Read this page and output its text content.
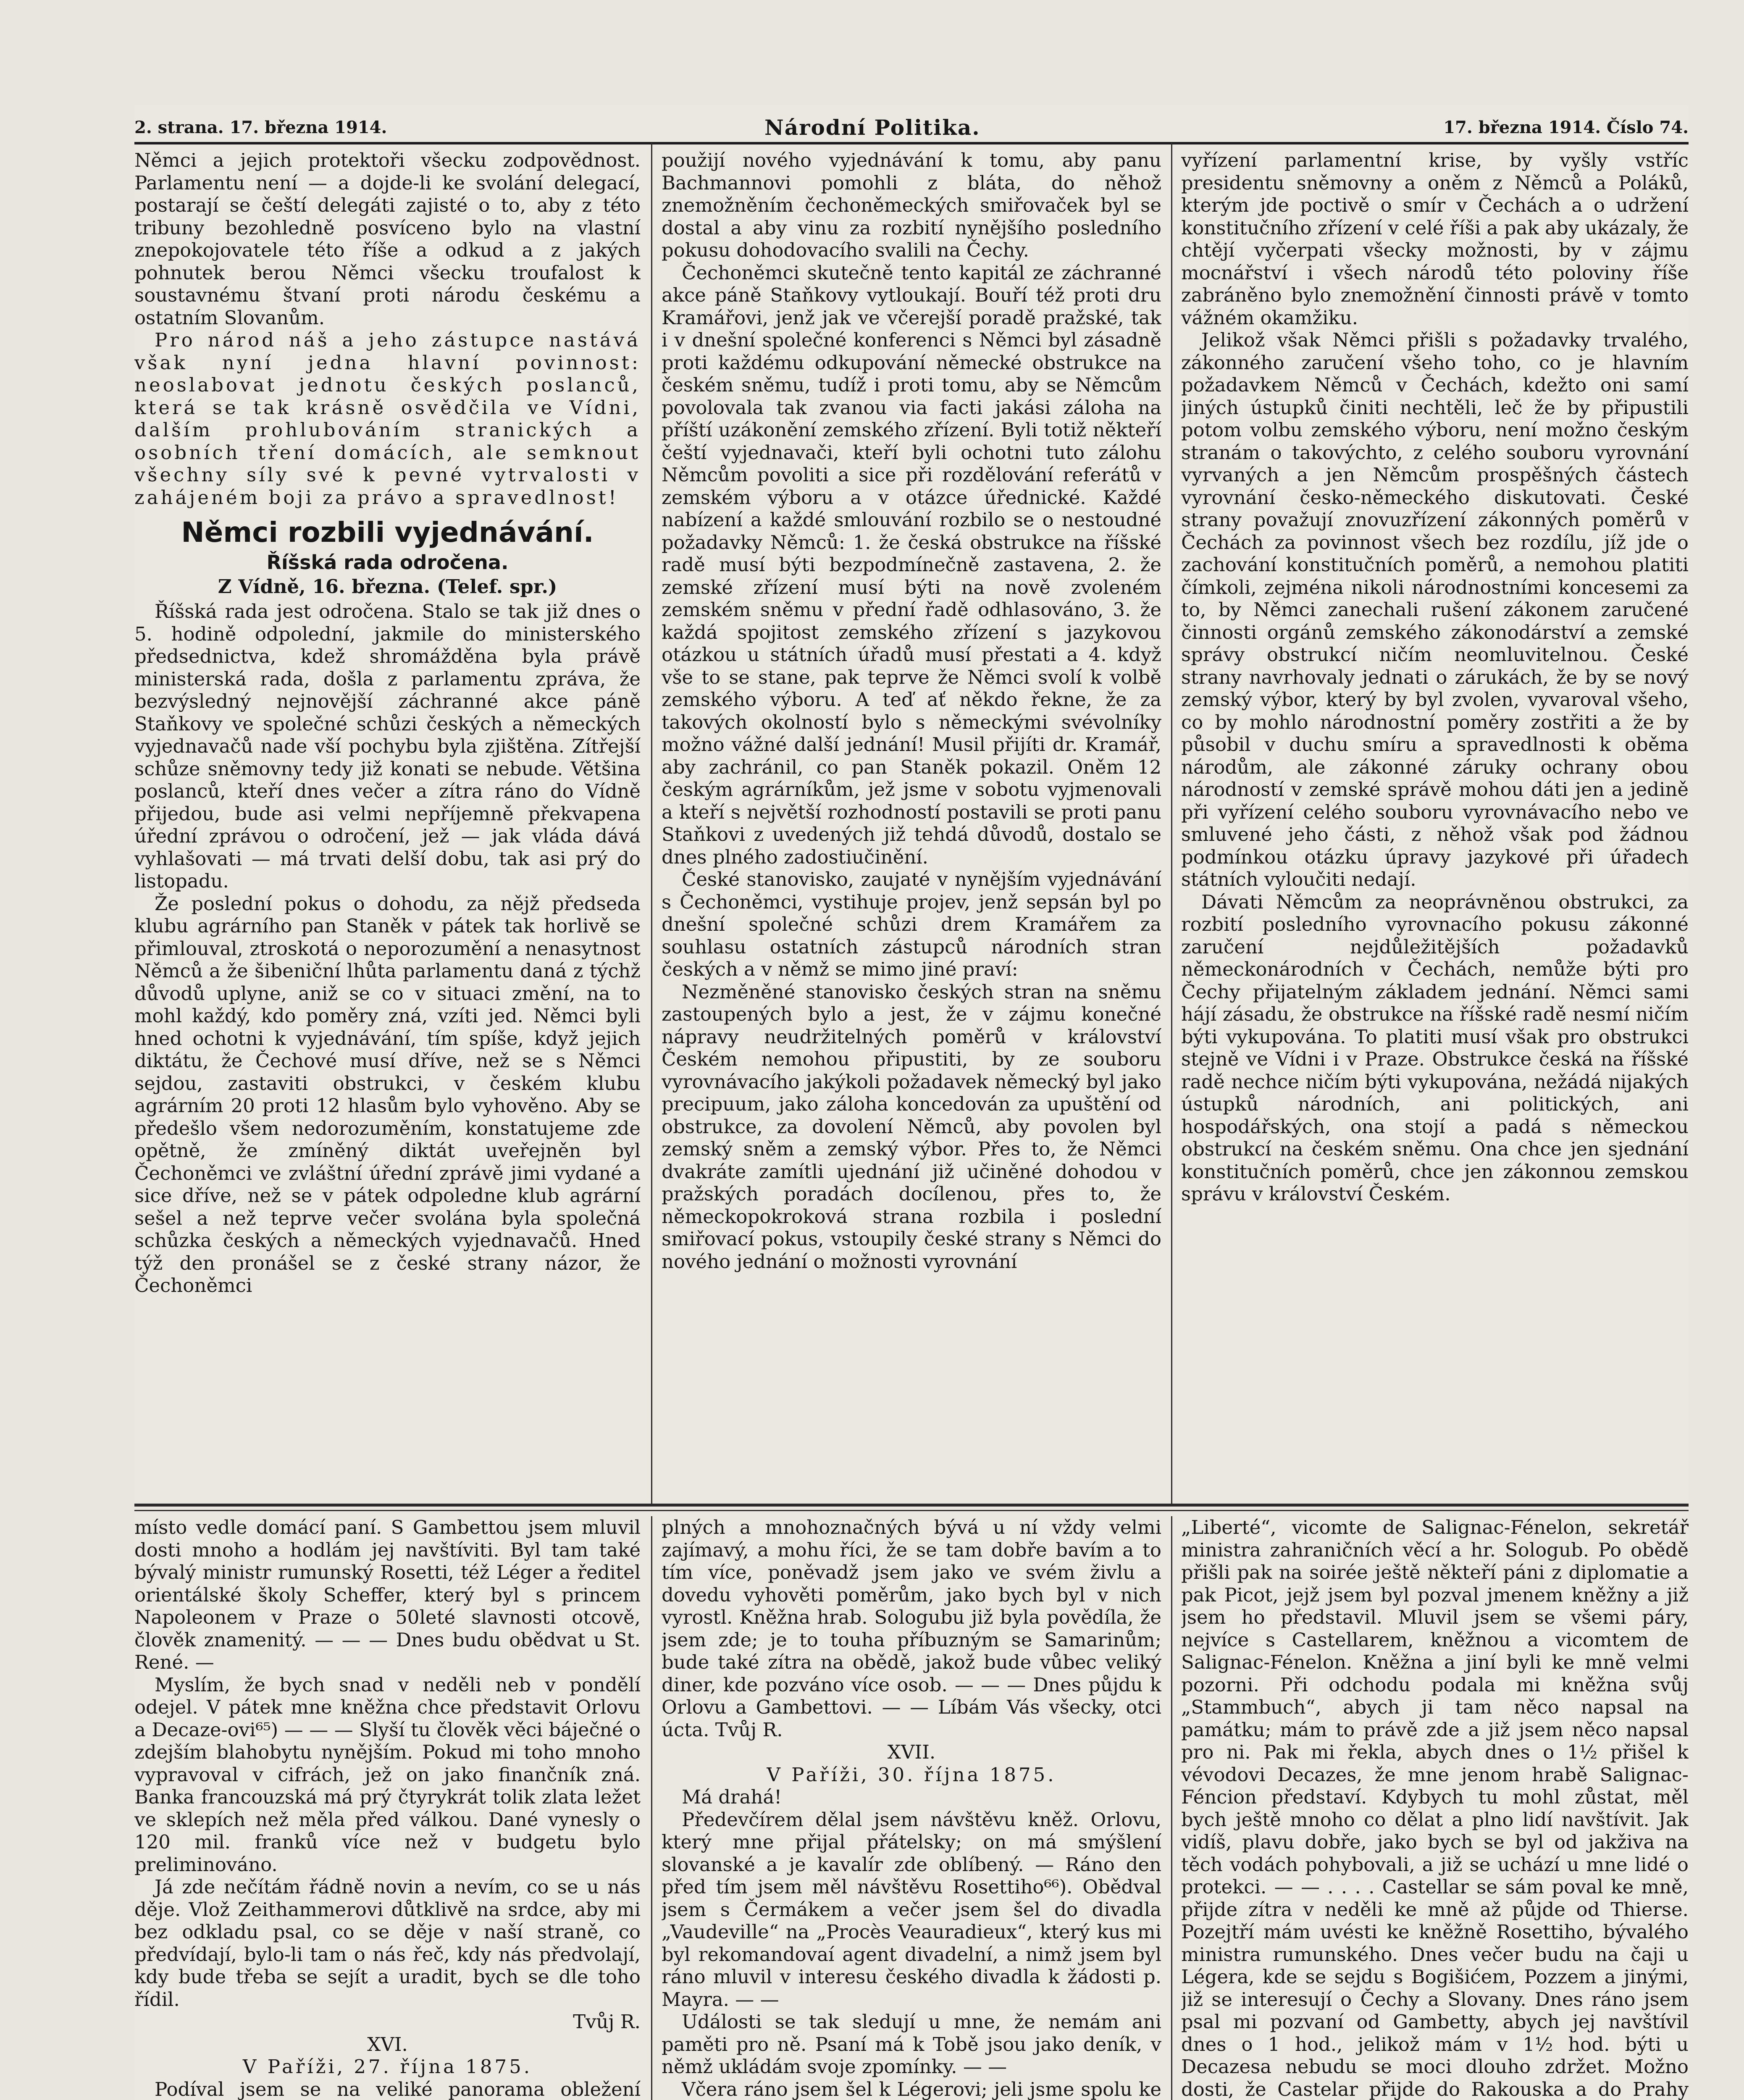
2. strana. 17. března 1914.	Národní Politika.	17. března 1914. Číslo 74.

Němci a jejich protektoři všecku zodpovědnost. Parlamentu není — a dojde-li ke svolání delegací, postarají se čeští delegáti zajisté o to, aby z této tribuny bezohledně posvíceno bylo na vlastní znepokojovatele této říše a odkud a z jakých pohnutek berou Němci všecku troufalost k soustavnému štvaní proti národu českému a ostatním Slovanům.

Pro národ náš a jeho zástupce nastává však nyní jedna hlavní povinnost: neoslabovat jednotu českých poslanců, která se tak krásně osvědčila ve Vídni, dalším prohlubováním stranických a osobních tření domácích, ale semknout všechny síly své k pevné vytrvalosti v zahájeném boji za právo a spravedlnost!

Němci rozbili vyjednávání.
Říšská rada odročena.
Z Vídně, 16. března. (Telef. spr.)

Říšská rada jest odročena. Stalo se tak již dnes o 5. hodině odpolední, jakmile do ministerského předsednictva, kdež shromážděna byla právě ministerská rada, došla z parlamentu zpráva, že bezvýsledný nejnovější záchranné akce páně Staňkovy ve společné schůzi českých a německých vyjednavačů nade vší pochybu byla zjištěna. Zítřejší schůze sněmovny tedy již konati se nebude. Většina poslanců, kteří dnes večer a zítra ráno do Vídně přijedou, bude asi velmi nepříjemně překvapena úřední zprávou o odročení, jež — jak vláda dává vyhlašovati — má trvati delší dobu, tak asi prý do listopadu.

Že poslední pokus o dohodu, za nějž předseda klubu agrárního pan Staněk v pátek tak horlivě se přimlouval, ztroskotá o neporozumění a nenasytnost Němců a že šibeniční lhůta parlamentu daná z týchž důvodů uplyne, aniž se co v situaci změní, na to mohl každý, kdo poměry zná, vzíti jed. Němci byli hned ochotni k vyjednávání, tím spíše, když jejich diktátu, že Čechové musí dříve, než se s Němci sejdou, zastaviti obstrukci, v českém klubu agrárním 20 proti 12 hlasům bylo vyhověno. Aby se předešlo všem nedorozuměním, konstatujeme zde opětně, že zmíněný diktát uveřejněn byl Čechoněmci ve zvláštní úřední zprávě jimi vydané a sice dříve, než se v pátek odpoledne klub agrární sešel a než teprve večer svolána byla společná schůzka českých a německých vyjednavačů. Hned týž den pronášel se z české strany názor, že Čechoněmci

použijí nového vyjednávání k tomu, aby panu Bachmannovi pomohli z bláta, do něhož znemožněním čechoněmeckých smiřovaček byl se dostal a aby vinu za rozbití nynějšího posledního pokusu dohodovacího svalili na Čechy.

Čechoněmci skutečně tento kapitál ze záchranné akce páně Staňkovy vytloukají. Bouří též proti dru Kramářovi, jenž jak ve včerejší poradě pražské, tak i v dnešní společné konferenci s Němci byl zásadně proti každému odkupování německé obstrukce na českém sněmu, tudíž i proti tomu, aby se Němcům povolovala tak zvanou via facti jakási záloha na příští uzákonění zemského zřízení. Byli totiž někteří čeští vyjednavači, kteří byli ochotni tuto zálohu Němcům povoliti a sice při rozdělování referátů v zemském výboru a v otázce úřednické. Každé nabízení a každé smlouvání rozbilo se o nestoudné požadavky Němců: 1. že česká obstrukce na říšské radě musí býti bezpodmínečně zastavena, 2. že zemské zřízení musí býti na nově zvoleném zemském sněmu v přední řadě odhlasováno, 3. že každá spojitost zemského zřízení s jazykovou otázkou u státních úřadů musí přestati a 4. když vše to se stane, pak teprve že Němci svolí k volbě zemského výboru. A teď ať někdo řekne, že za takových okolností bylo s německými svévolníky možno vážné další jednání! Musil přijíti dr. Kramář, aby zachránil, co pan Staněk pokazil. Oněm 12 českým agrárníkům, jež jsme v sobotu vyjmenovali a kteří s největší rozhodností postavili se proti panu Staňkovi z uvedených již tehdá důvodů, dostalo se dnes plného zadostiučinění.

České stanovisko, zaujaté v nynějším vyjednávání s Čechoněmci, vystihuje projev, jenž sepsán byl po dnešní společné schůzi drem Kramářem za souhlasu ostatních zástupců národních stran českých a v němž se mimo jiné praví:

Nezměněné stanovisko českých stran na sněmu zastoupených bylo a jest, že v zájmu konečné nápravy neudržitelných poměrů v království Českém nemohou připustiti, by ze souboru vyrovnávacího jakýkoli požadavek německý byl jako precipuum, jako záloha koncedován za upuštění od obstrukce, za dovolení Němců, aby povolen byl zemský sněm a zemský výbor. Přes to, že Němci dvakráte zamítli ujednání již učiněné dohodou v pražských poradách docílenou, přes to, že německopokroková strana rozbila i poslední smiřovací pokus, vstoupily české strany s Němci do nového jednání o možnosti vyrovnání

vyřízení parlamentní krise, by vyšly vstříc presidentu sněmovny a oněm z Němců a Poláků, kterým jde poctivě o smír v Čechách a o udržení konstitučního zřízení v celé říši a pak aby ukázaly, že chtějí vyčerpati všecky možnosti, by v zájmu mocnářství i všech národů této poloviny říše zabráněno bylo znemožnění činnosti právě v tomto vážném okamžiku.

Jelikož však Němci přišli s požadavky trvalého, zákonného zaručení všeho toho, co je hlavním požadavkem Němců v Čechách, kdežto oni samí jiných ústupků činiti nechtěli, leč že by připustili potom volbu zemského výboru, není možno českým stranám o takovýchto, z celého souboru vyrovnání vyrvaných a jen Němcům prospěšných částech vyrovnání česko-německého diskutovati. České strany považují znovuzřízení zákonných poměrů v Čechách za povinnost všech bez rozdílu, jíž jde o zachování konstitučních poměrů, a nemohou platiti čímkoli, zejména nikoli národnostními koncesemi za to, by Němci zanechali rušení zákonem zaručené činnosti orgánů zemského zákonodárství a zemské správy obstrukcí ničím neomluvitelnou. České strany navrhovaly jednati o zárukách, že by se nový zemský výbor, který by byl zvolen, vyvaroval všeho, co by mohlo národnostní poměry zostřiti a že by působil v duchu smíru a spravedlnosti k oběma národům, ale zákonné záruky ochrany obou národností v zemské správě mohou dáti jen a jedině při vyřízení celého souboru vyrovnávacího nebo ve smluvené jeho části, z něhož však pod žádnou podmínkou otázku úpravy jazykové při úřadech státních vyloučiti nedají.

Dávati Němcům za neoprávněnou obstrukci, za rozbití posledního vyrovnacího pokusu zákonné zaručení nejdůležitějších požadavků německonárodních v Čechách, nemůže býti pro Čechy přijatelným základem jednání. Němci sami hájí zásadu, že obstrukce na říšské radě nesmí ničím býti vykupována. To platiti musí však pro obstrukci stejně ve Vídni i v Praze. Obstrukce česká na říšské radě nechce ničím býti vykupována, nežádá nijakých ústupků národních, ani politických, ani hospodářských, ona stojí a padá s německou obstrukcí na českém sněmu. Ona chce jen sjednání konstitučních poměrů, chce jen zákonnou zemskou správu v království Českém.

místo vedle domácí paní. S Gambettou jsem mluvil dosti mnoho a hodlám jej navštíviti. Byl tam také bývalý ministr rumunský Rosetti, též Léger a ředitel orientálské školy Scheffer, který byl s princem Napoleonem v Praze o 50leté slavnosti otcově, člověk znamenitý. — — — Dnes budu obědvat u St. René. —

Myslím, že bych snad v neděli neb v pondělí odejel. V pátek mne kněžna chce představit Orlovu a Decaze-ovi⁶⁵) — — — Slyší tu člověk věci báječné o zdejším blahobytu nynějším. Pokud mi toho mnoho vypravoval v cifrách, jež on jako finančník zná. Banka francouzská má prý čtyrykrát tolik zlata ležet ve sklepích než měla před válkou. Dané vynesly o 120 mil. franků více než v budgetu bylo preliminováno.

Já zde nečítám řádně novin a nevím, co se u nás děje. Vlož Zeithammerovi důtklivě na srdce, aby mi bez odkladu psal, co se děje v naší straně, co předvídají, bylo-li tam o nás řeč, kdy nás předvolají, kdy bude třeba se sejít a uradit, bych se dle toho řídil.

Tvůj R.

XVI.

V Paříži, 27. října 1875.

Podíval jsem se na veliké panorama obležení

plných a mnohoznačných bývá u ní vždy velmi zajímavý, a mohu říci, že se tam dobře bavím a to tím více, poněvadž jsem jako ve svém živlu a dovedu vyhověti poměrům, jako bych byl v nich vyrostl. Kněžna hrab. Sologubu již byla povědíla, že jsem zde; je to touha příbuzným se Samarinům; bude také zítra na obědě, jakož bude vůbec veliký diner, kde pozváno více osob. — — — Dnes půjdu k Orlovu a Gambettovi. — — Líbám Vás všecky, otci úcta. Tvůj R.

XVII.

V Paříži, 30. října 1875.

Má drahá!

Předevčírem dělal jsem návštěvu kněž. Orlovu, který mne přijal přátelsky; on má smýšlení slovanské a je kavalír zde oblíbený. — Ráno den před tím jsem měl návštěvu Rosettiho⁶⁶). Obědval jsem s Čermákem a večer jsem šel do divadla „Vaudeville“ na „Procès Veauradieux“, který kus mi byl rekomandovaí agent divadelní, a nimž jsem byl ráno mluvil v interesu českého divadla k žádosti p. Mayra. — —

Události se tak sledují u mne, že nemám ani paměti pro ně. Psaní má k Tobě jsou jako deník, v němž ukládám svoje zpomínky. — —

Včera ráno jsem šel k Légerovi; jeli jsme spolu ke

„Liberté“, vicomte de Salignac-Fénelon, sekretář ministra zahraničních věcí a hr. Sologub. Po obědě přišli pak na soirée ještě někteří páni z diplomatie a pak Picot, jejž jsem byl pozval jmenem kněžny a již jsem ho představil. Mluvil jsem se všemi páry, nejvíce s Castellarem, kněžnou a vicomtem de Salignac-Fénelon. Kněžna a jiní byli ke mně velmi pozorni. Při odchodu podala mi kněžna svůj „Stammbuch“, abych ji tam něco napsal na památku; mám to právě zde a již jsem něco napsal pro ni. Pak mi řekla, abych dnes o 1½ přišel k vévodovi Decazes, že mne jenom hrabě Salignac-Féncion představí. Kdybych tu mohl zůstat, měl bych ještě mnoho co dělat a plno lidí navštívit. Jak vidíš, plavu dobře, jako bych se byl od jakživa na těch vodách pohybovali, a již se uchází u mne lidé o protekci. — — . . . . Castellar se sám poval ke mně, přijde zítra v neděli ke mně až půjde od Thierse. Pozejtří mám uvésti ke kněžně Rosettiho, bývalého ministra rumunského. Dnes večer budu na čaji u Légera, kde se sejdu s Bogišićem, Pozzem a jinými, již se interesují o Čechy a Slovany. Dnes ráno jsem psal mi pozvaní od Gambetty, abych jej navštívil dnes o 1 hod., jelikož mám v 1½ hod. býti u Decazesa nebudu se moci dlouho zdržet. Možno dosti, že Castelar přijde do Rakouska a do Prahy
